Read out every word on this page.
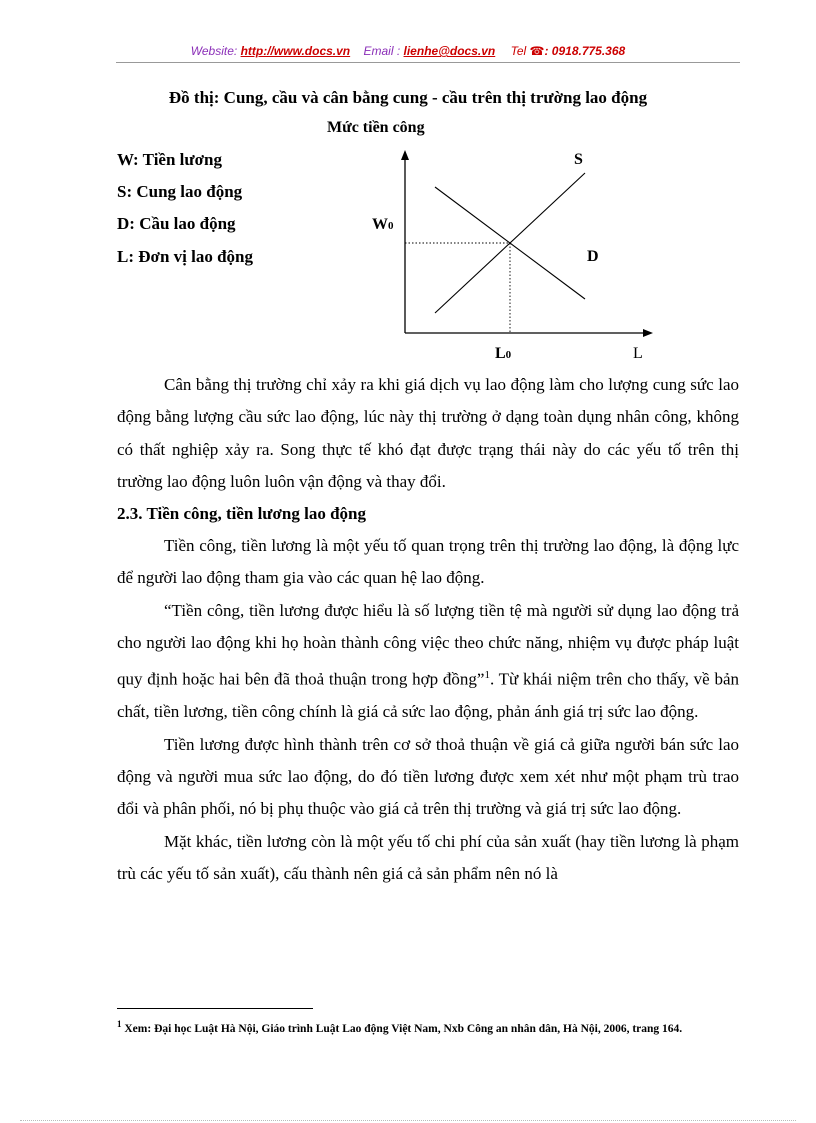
Website: http://www.docs.vn Email : lienhe@docs.vn Tel ☎: 0918.775.368
Đồ thị: Cung, cầu và cân bằng cung - cầu trên thị trường lao động
W: Tiền lương
S: Cung lao động
D: Cầu lao động
L: Đơn vị lao động
Mức tiền công
S
D
W0
L0	L

Cân bằng thị trường chỉ xảy ra khi giá dịch vụ lao động làm cho lượng cung sức lao động bằng lượng cầu sức lao động, lúc này thị trường ở dạng toàn dụng nhân công, không có thất nghiệp xảy ra. Song thực tế khó đạt được trạng thái này do các yếu tố trên thị trường lao động luôn luôn vận động và thay đổi.

2.3. Tiền công, tiền lương lao động

Tiền công, tiền lương là một yếu tố quan trọng trên thị trường lao động, là động lực để người lao động tham gia vào các quan hệ lao động.

“Tiền công, tiền lương được hiểu là số lượng tiền tệ mà người sử dụng lao động trả cho người lao động khi họ hoàn thành công việc theo chức năng, nhiệm vụ được pháp luật quy định hoặc hai bên đã thoả thuận trong hợp đồng”$^1$. Từ khái niệm trên cho thấy, về bản chất, tiền lương, tiền công chính là giá cả sức lao động, phản ánh giá trị sức lao động.

Tiền lương được hình thành trên cơ sở thoả thuận về giá cả giữa người bán sức lao động và người mua sức lao động, do đó tiền lương được xem xét như một phạm trù trao đổi và phân phối, nó bị phụ thuộc vào giá cả trên thị trường và giá trị sức lao động.

Mặt khác, tiền lương còn là một yếu tố chi phí của sản xuất (hay tiền lương là phạm trù các yếu tố sản xuất), cấu thành nên giá cả sản phẩm nên nó là

$^1$ Xem: Đại học Luật Hà Nội, Giáo trình Luật Lao động Việt Nam, Nxb Công an nhân dân, Hà Nội, 2006, trang 164.
